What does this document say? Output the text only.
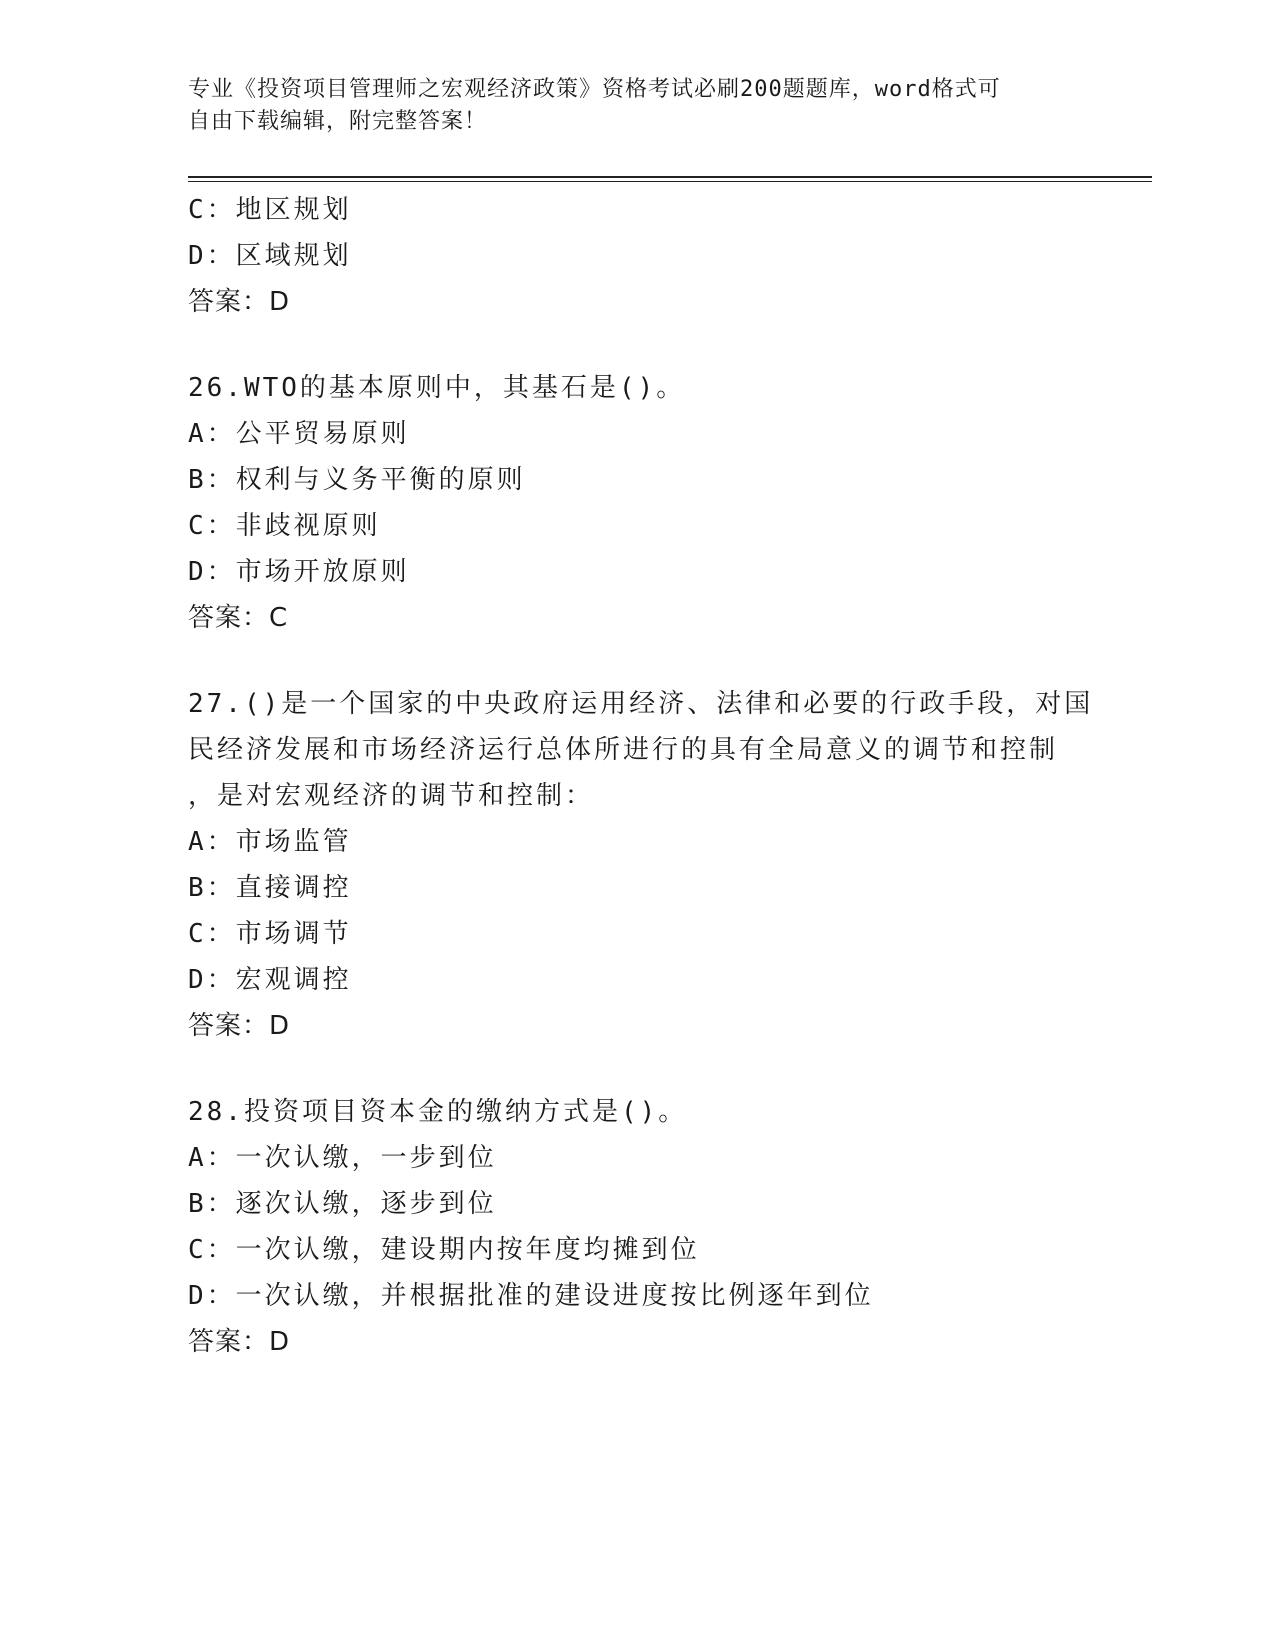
专业《投资项目管理师之宏观经济政策》资格考试必刷200题题库，word格式可
自由下载编辑，附完整答案！
C：地区规划
D：区域规划
答案：D
26.WTO的基本原则中，其基石是()。
A：公平贸易原则
B：权利与义务平衡的原则
C：非歧视原则
D：市场开放原则
答案：C
27.()是一个国家的中央政府运用经济、法律和必要的行政手段，对国
民经济发展和市场经济运行总体所进行的具有全局意义的调节和控制
，是对宏观经济的调节和控制：
A：市场监管
B：直接调控
C：市场调节
D：宏观调控
答案：D
28.投资项目资本金的缴纳方式是()。
A：一次认缴，一步到位
B：逐次认缴，逐步到位
C：一次认缴，建设期内按年度均摊到位
D：一次认缴，并根据批准的建设进度按比例逐年到位
答案：D
